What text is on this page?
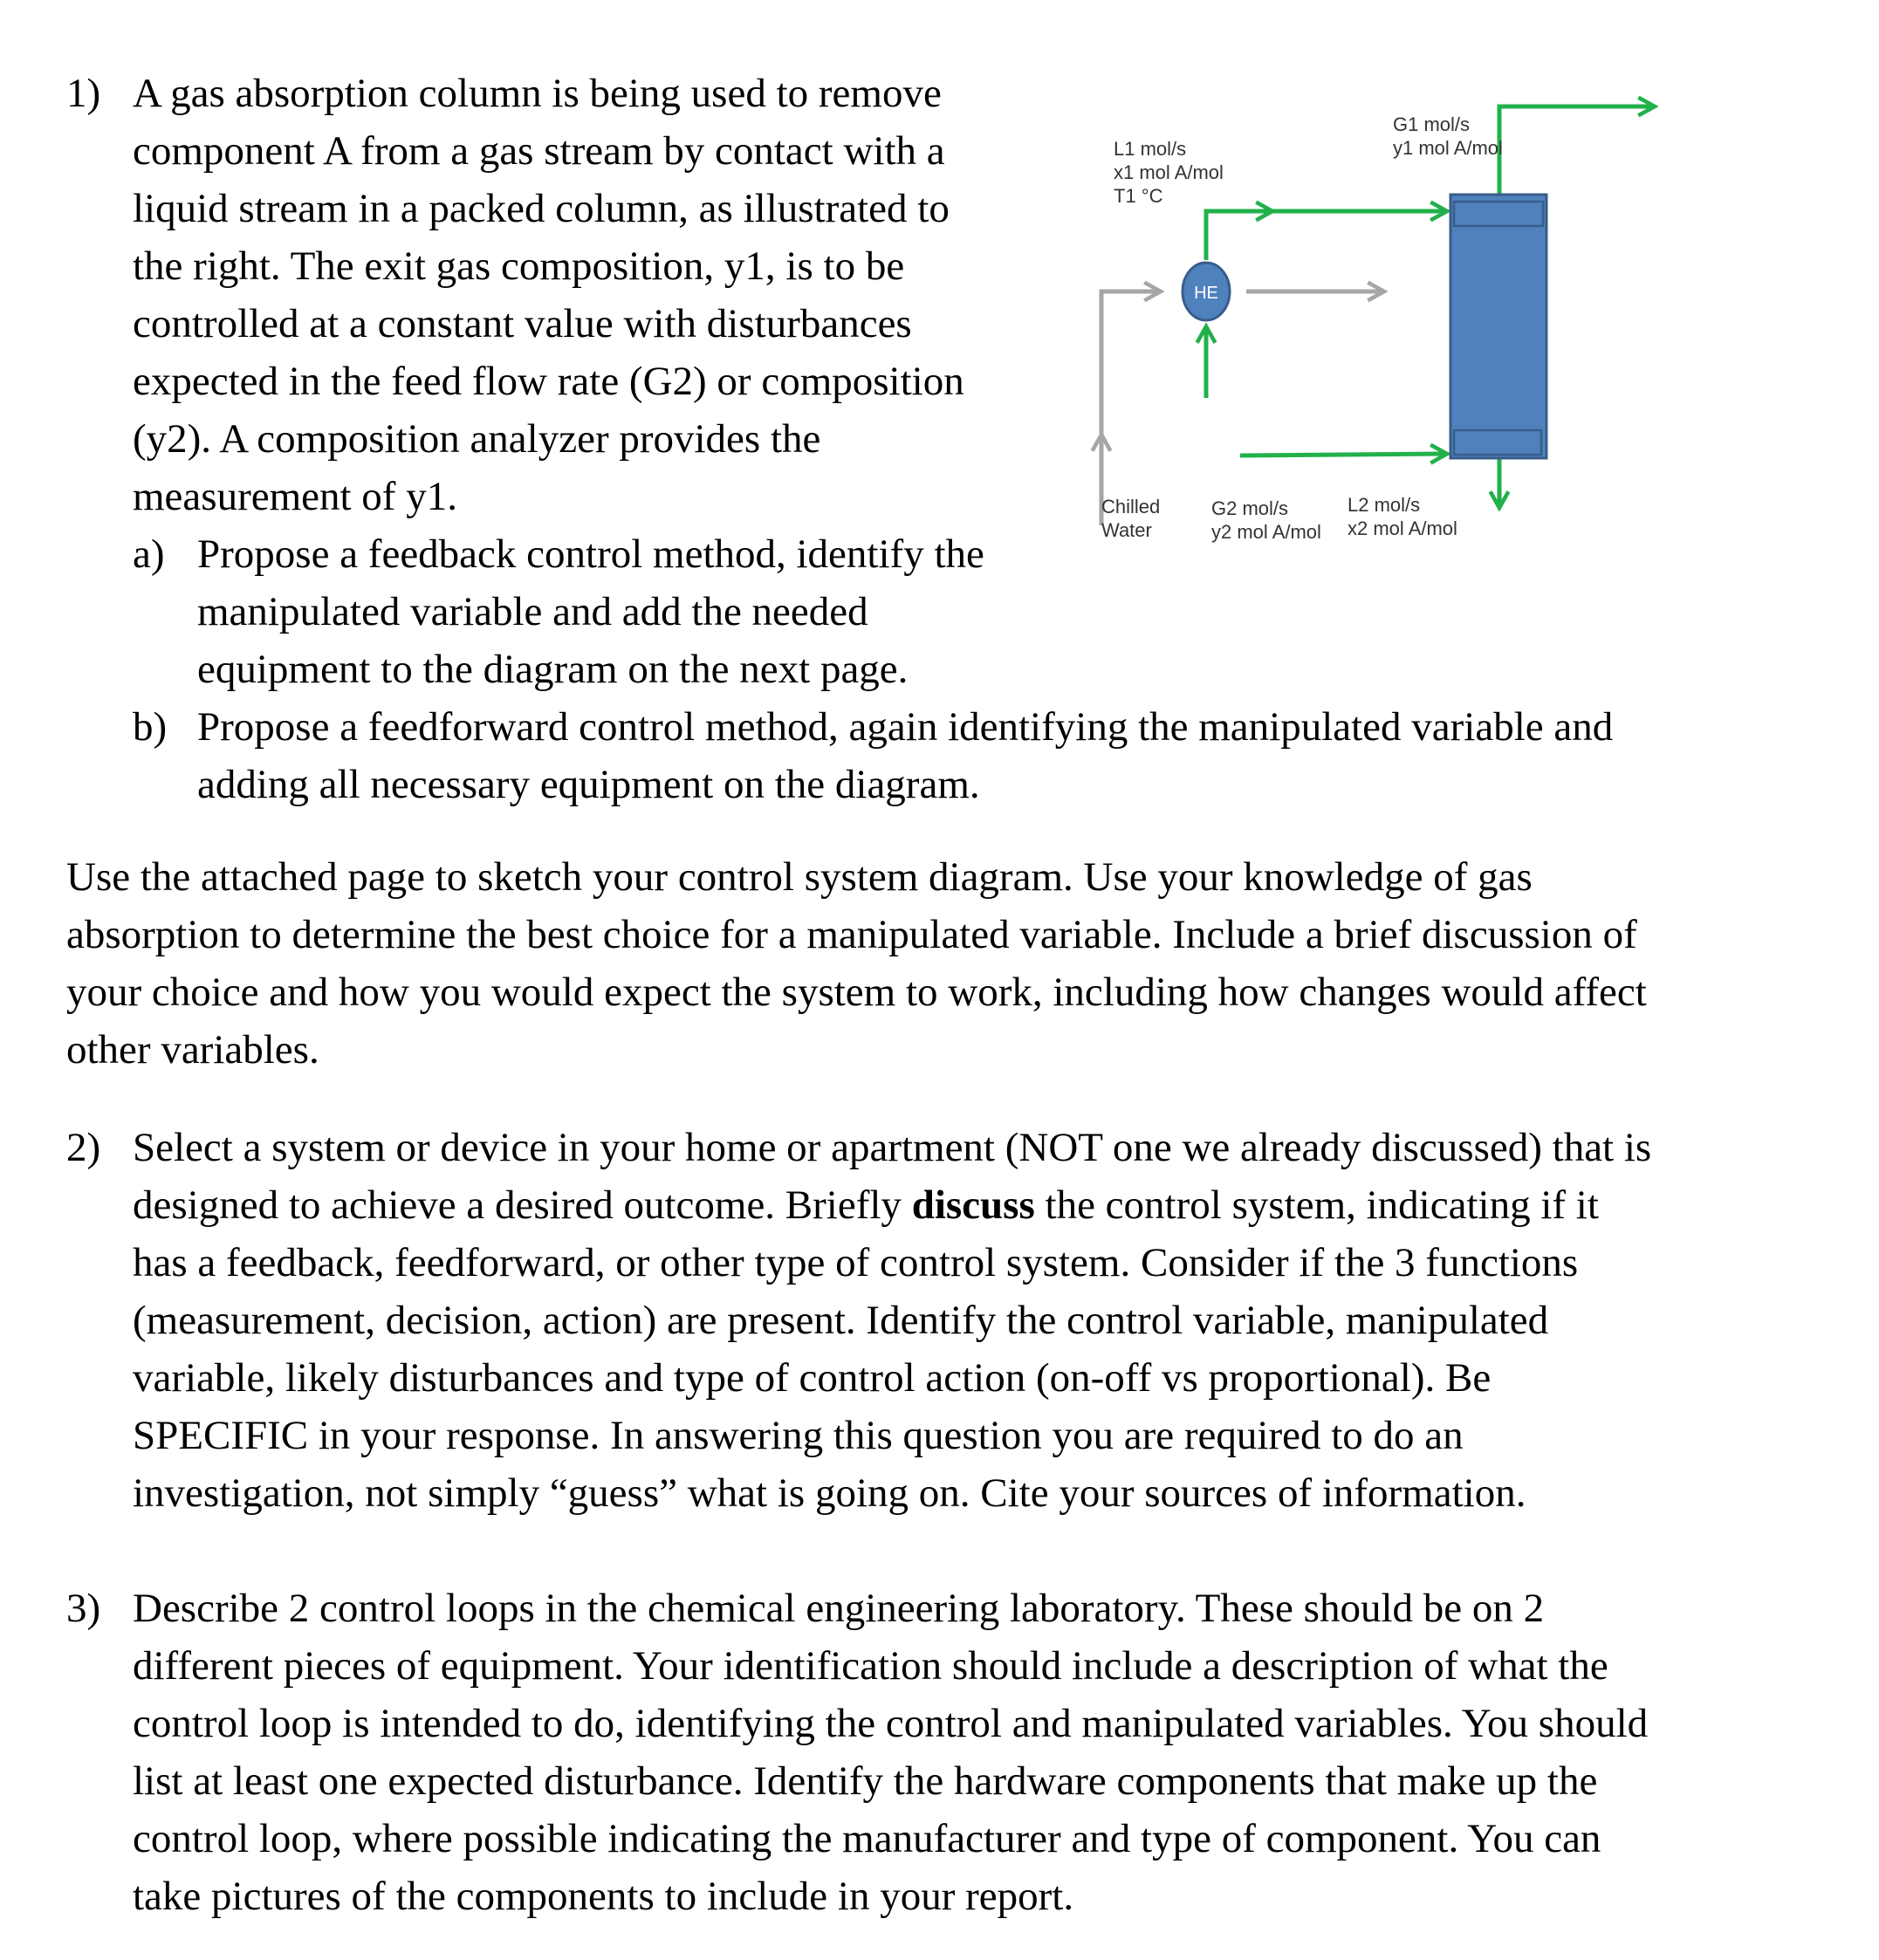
1) A gas absorption column is being used to remove
component A from a gas stream by contact with a
liquid stream in a packed column, as illustrated to
the right. The exit gas composition, y1, is to be
controlled at a constant value with disturbances
expected in the feed flow rate (G2) or composition
(y2). A composition analyzer provides the
measurement of y1.
a) Propose a feedback control method, identify the
manipulated variable and add the needed
equipment to the diagram on the next page.
b) Propose a feedforward control method, again identifying the manipulated variable and
adding all necessary equipment on the diagram.
Use the attached page to sketch your control system diagram. Use your knowledge of gas
absorption to determine the best choice for a manipulated variable. Include a brief discussion of
your choice and how you would expect the system to work, including how changes would affect
other variables.
2) Select a system or device in your home or apartment (NOT one we already discussed) that is
designed to achieve a desired outcome. Briefly discuss the control system, indicating if it
has a feedback, feedforward, or other type of control system. Consider if the 3 functions
(measurement, decision, action) are present. Identify the control variable, manipulated
variable, likely disturbances and type of control action (on-off vs proportional). Be
SPECIFIC in your response. In answering this question you are required to do an
investigation, not simply “guess” what is going on. Cite your sources of information.
3) Describe 2 control loops in the chemical engineering laboratory. These should be on 2
different pieces of equipment. Your identification should include a description of what the
control loop is intended to do, identifying the control and manipulated variables. You should
list at least one expected disturbance. Identify the hardware components that make up the
control loop, where possible indicating the manufacturer and type of component. You can
take pictures of the components to include in your report.
HE
L1 mol/s
x1 mol A/mol
T1 °C
G1 mol/s
y1 mol A/mol
Chilled
Water
G2 mol/s
y2 mol A/mol
L2 mol/s
x2 mol A/mol
